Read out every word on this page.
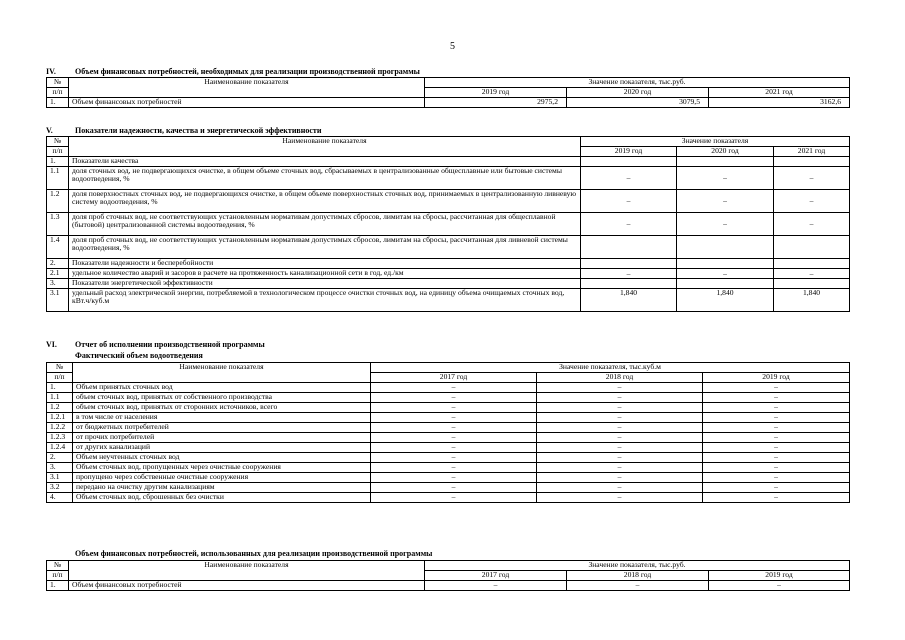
5
IV. Объем финансовых потребностей, необходимых для реализации производственной программы
№	Наименование показателя	Значение показателя, тыс.руб.		
п/п		2019 год	2020 год	2021 год
1.	Объем финансовых потребностей	2975,2	3079,5	3162,6
V.	Показатели надежности, качества и энергетической эффективности
№	Наименование показателя	Значение показателя		
п/п		2019 год	2020 год	2021 год
1.	Показатели качества			
1.1	доля сточных вод, не подвергающихся очистке, в общем объеме сточных вод, сбрасываемых в централизованные общесплавные или бытовые системы водоотведения, %	–	–	–
1.2	доля поверхностных сточных вод, не подвергающихся очистке, в общем объеме поверхностных сточных вод, принимаемых в централизованную ливневую систему водоотведения, %	–	–	–
1.3	доля проб сточных вод, не соответствующих установленным нормативам допустимых сбросов, лимитам на сбросы, рассчитанная для общесплавной (бытовой) централизованной системы водоотведения, %	–	–	–
1.4	доля проб сточных вод, не соответствующих установленным нормативам допустимых сбросов, лимитам на сбросы, рассчитанная для ливневой системы водоотведения, %			
2.	Показатели надежности и бесперебойности			
2.1	удельное количество аварий и засоров в расчете на протяженность канализационной сети в год, ед./км	–	–	–
3.	Показатели энергетической эффективности			
3.1	удельный расход электрической энергии, потребляемой в технологическом процессе очистки сточных вод, на единицу объема очищаемых сточных вод, кВт.ч/куб.м	1,840	1,840	1,840
VI. Отчет об исполнении производственной программы
Фактический объем водоотведения
№	Наименование показателя	Значение показателя, тыс.куб.м		
п/п		2017 год	2018 год	2019 год
1.	Объем принятых сточных вод	–	–	–
1.1	объем сточных вод, принятых от собственного производства	–	–	–
1.2	объем сточных вод, принятых от сторонних источников, всего	–	–	–
1.2.1	в том числе от населения	–	–	–
1.2.2	от бюджетных потребителей	–	–	–
1.2.3	от прочих потребителей	–	–	–
1.2.4	от других канализаций	–	–	–
2.	Объем неучтенных сточных вод	–	–	–
3.	Объем сточных вод, пропущенных через очистные сооружения	–	–	–
3.1	пропущено через собственные очистные сооружения	–	–	–
3.2	передано на очистку другим канализациям	–	–	–
4.	Объем сточных вод, сброшенных без очистки	–	–	–
Объем финансовых потребностей, использованных для реализации производственной программы
№	Наименование показателя	Значение показателя, тыс.руб.		
п/п		2017 год	2018 год	2019 год
1.	Объем финансовых потребностей	–	–	–
